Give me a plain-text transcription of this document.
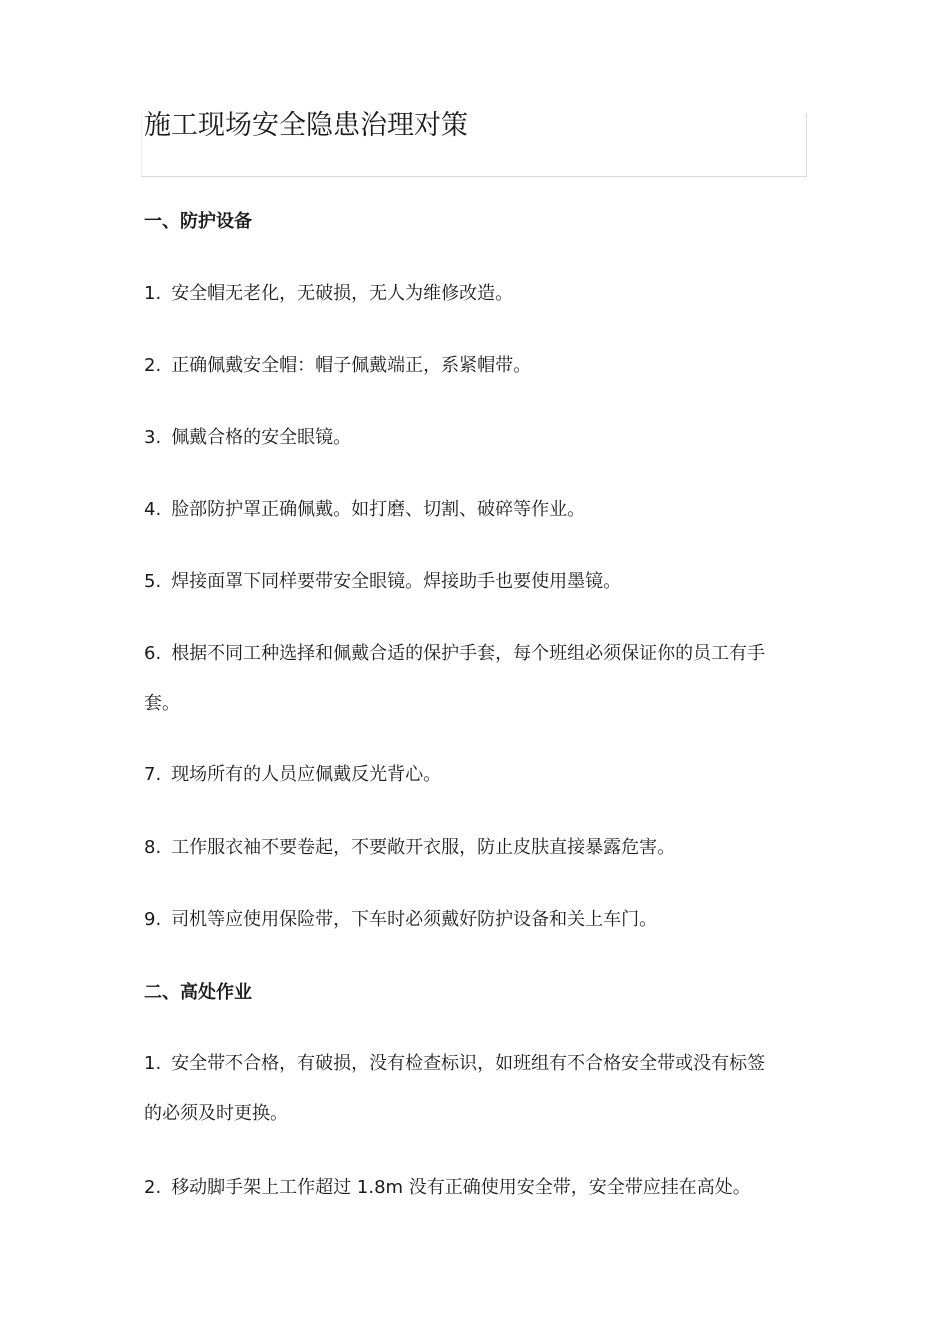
施工现场安全隐患治理对策
一、防护设备
1. 安全帽无老化，无破损，无人为维修改造。
2. 正确佩戴安全帽：帽子佩戴端正，系紧帽带。
3. 佩戴合格的安全眼镜。
4. 脸部防护罩正确佩戴。如打磨、切割、破碎等作业。
5. 焊接面罩下同样要带安全眼镜。焊接助手也要使用墨镜。
6. 根据不同工种选择和佩戴合适的保护手套，每个班组必须保证你的员工有手
套。
7. 现场所有的人员应佩戴反光背心。
8. 工作服衣袖不要卷起，不要敞开衣服，防止皮肤直接暴露危害。
9. 司机等应使用保险带，下车时必须戴好防护设备和关上车门。
二、高处作业
1. 安全带不合格，有破损，没有检查标识，如班组有不合格安全带或没有标签
的必须及时更换。
2. 移动脚手架上工作超过 1.8m 没有正确使用安全带，安全带应挂在高处。
